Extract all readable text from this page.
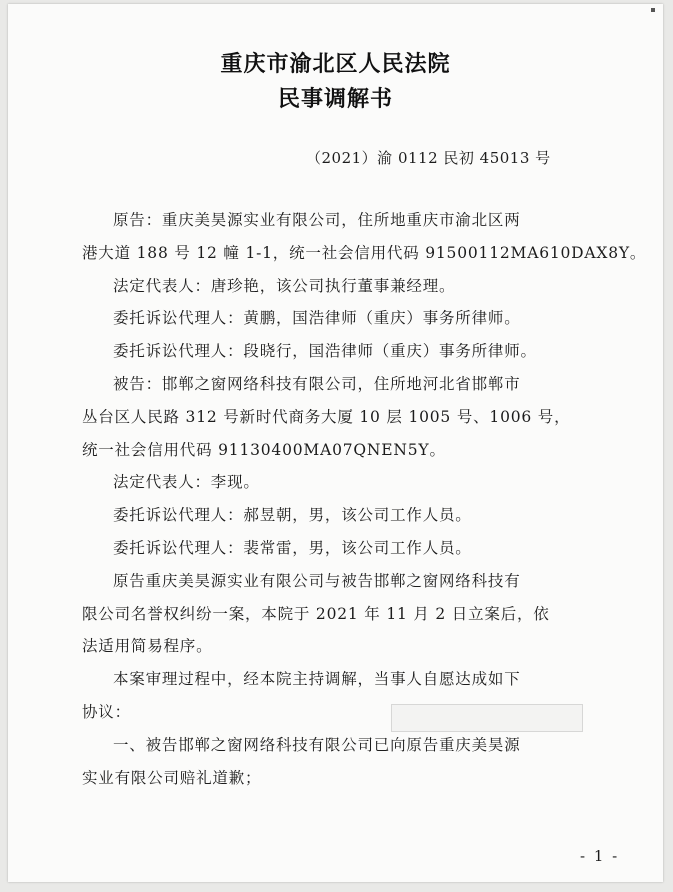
重庆市渝北区人民法院
民事调解书
（2021）渝 0112 民初 45013 号

原告：重庆美昊源实业有限公司，住所地重庆市渝北区两

港大道 188 号 12 幢 1-1，统一社会信用代码 91500112MA610DAX8Y。

法定代表人：唐珍艳，该公司执行董事兼经理。

委托诉讼代理人：黄鹏，国浩律师（重庆）事务所律师。

委托诉讼代理人：段晓行，国浩律师（重庆）事务所律师。

被告：邯郸之窗网络科技有限公司，住所地河北省邯郸市

丛台区人民路 312 号新时代商务大厦 10 层 1005 号、1006 号，

统一社会信用代码 91130400MA07QNEN5Y。

法定代表人：李现。

委托诉讼代理人：郝昱朝，男，该公司工作人员。

委托诉讼代理人：裴常雷，男，该公司工作人员。

原告重庆美昊源实业有限公司与被告邯郸之窗网络科技有

限公司名誉权纠纷一案，本院于 2021 年 11 月 2 日立案后，依

法适用简易程序。

本案审理过程中，经本院主持调解，当事人自愿达成如下

协议：

一、被告邯郸之窗网络科技有限公司已向原告重庆美昊源

实业有限公司赔礼道歉；

- 1 -
